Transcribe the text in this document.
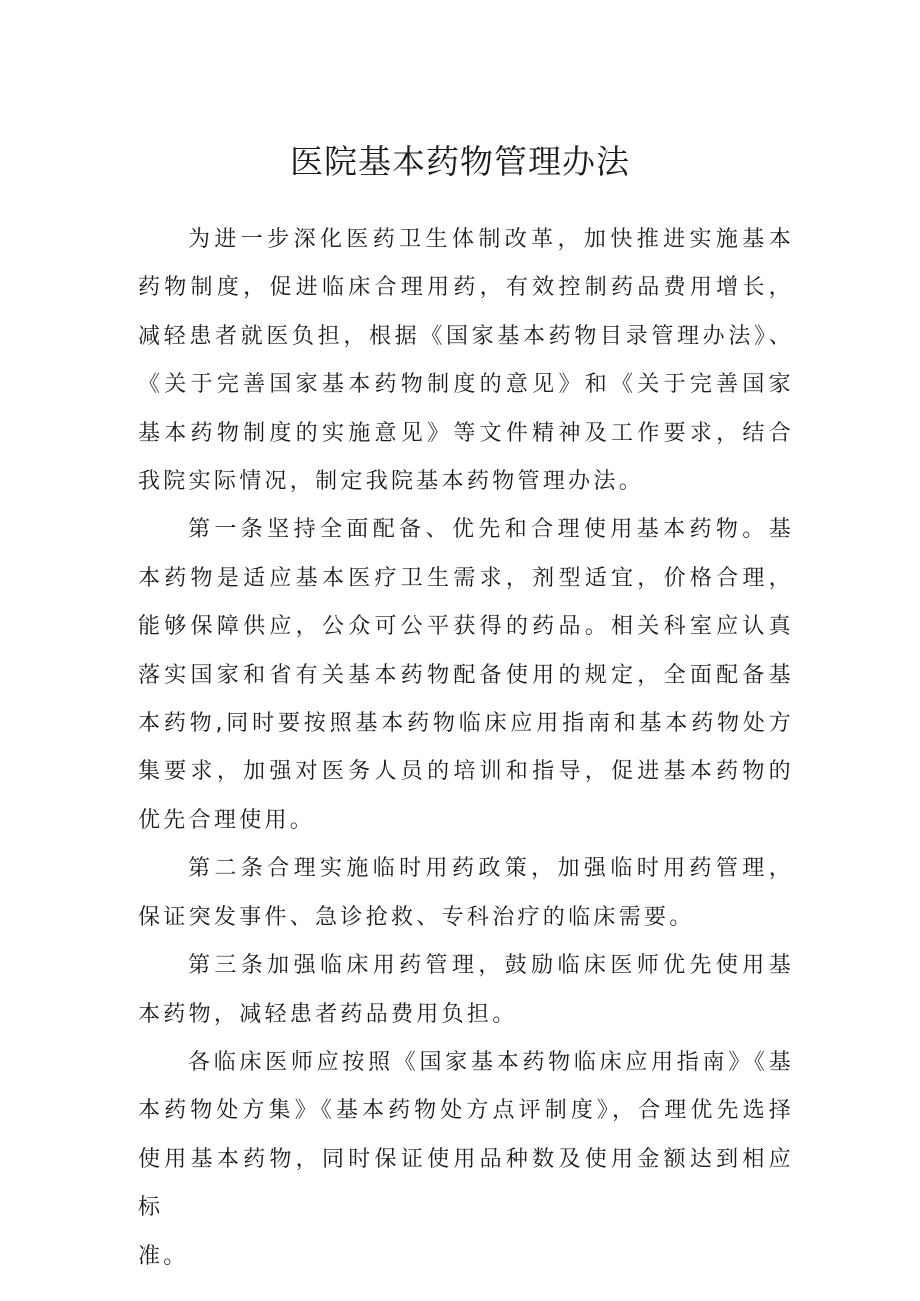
医院基本药物管理办法

为进一步深化医药卫生体制改革，加快推进实施基本药物制度，促进临床合理用药，有效控制药品费用增长，减轻患者就医负担，根据《国家基本药物目录管理办法》、《关于完善国家基本药物制度的意见》和《关于完善国家基本药物制度的实施意见》等文件精神及工作要求，结合我院实际情况，制定我院基本药物管理办法。

第一条坚持全面配备、优先和合理使用基本药物。基本药物是适应基本医疗卫生需求，剂型适宜，价格合理，能够保障供应，公众可公平获得的药品。相关科室应认真落实国家和省有关基本药物配备使用的规定，全面配备基本药物,同时要按照基本药物临床应用指南和基本药物处方集要求，加强对医务人员的培训和指导，促进基本药物的优先合理使用。

第二条合理实施临时用药政策，加强临时用药管理，保证突发事件、急诊抢救、专科治疗的临床需要。

第三条加强临床用药管理，鼓励临床医师优先使用基本药物，减轻患者药品费用负担。

各临床医师应按照《国家基本药物临床应用指南》《基本药物处方集》《基本药物处方点评制度》，合理优先选择使用基本药物，同时保证使用品种数及使用金额达到相应标

准。
